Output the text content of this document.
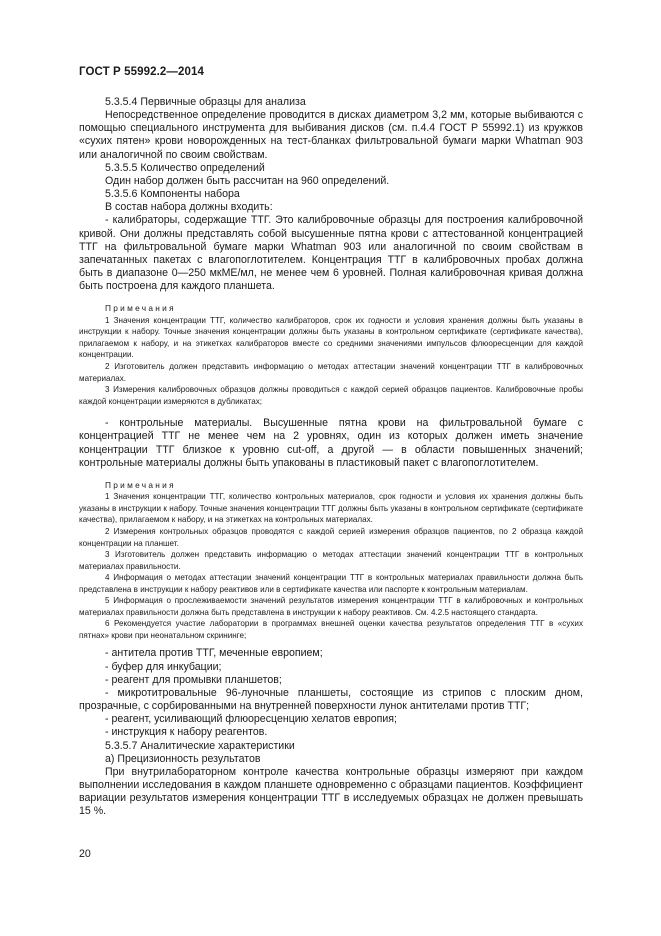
ГОСТ Р 55992.2—2014

5.3.5.4 Первичные образцы для анализа

Непосредственное определение проводится в дисках диаметром 3,2 мм, которые выбиваются с помощью специального инструмента для выбивания дисков (см. п.4.4 ГОСТ Р 55992.1) из кружков «сухих пятен» крови новорожденных на тест-бланках фильтровальной бумаги марки Whatman 903 или аналогичной по своим свойствам.

5.3.5.5 Количество определений

Один набор должен быть рассчитан на 960 определений.

5.3.5.6 Компоненты набора

В состав набора должны входить:

- калибраторы, содержащие ТТГ. Это калибровочные образцы для построения калибровочной кривой. Они должны представлять собой высушенные пятна крови с аттестованной концентрацией ТТГ на фильтровальной бумаге марки Whatman 903 или аналогичной по своим свойствам в запечатанных пакетах с влагопоглотителем. Концентрация ТТГ в калибровочных пробах должна быть в диапазоне 0—250 мкМЕ/мл, не менее чем 6 уровней. Полная калибровочная кривая должна быть построена для каждого планшета.

Примечания

1 Значения концентрации ТТГ, количество калибраторов, срок их годности и условия хранения должны быть указаны в инструкции к набору. Точные значения концентрации должны быть указаны в контрольном сертификате (сертификате качества), прилагаемом к набору, и на этикетках калибраторов вместе со средними значениями импульсов флюоресценции для каждой концентрации.

2 Изготовитель должен представить информацию о методах аттестации значений концентрации ТТГ в калибровочных материалах.

3 Измерения калибровочных образцов должны проводиться с каждой серией образцов пациентов. Калибровочные пробы каждой концентрации измеряются в дубликатах;

- контрольные материалы. Высушенные пятна крови на фильтровальной бумаге с концентрацией ТТГ не менее чем на 2 уровнях, один из которых должен иметь значение концентрации ТТГ близкое к уровню cut-off, а другой — в области повышенных значений; контрольные материалы должны быть упакованы в пластиковый пакет с влагопоглотителем.

Примечания

1 Значения концентрации ТТГ, количество контрольных материалов, срок годности и условия их хранения должны быть указаны в инструкции к набору. Точные значения концентрации ТТГ должны быть указаны в контрольном сертификате (сертификате качества), прилагаемом к набору, и на этикетках на контрольных материалах.

2 Измерения контрольных образцов проводятся с каждой серией измерения образцов пациентов, по 2 образца каждой концентрации на планшет.

3 Изготовитель должен представить информацию о методах аттестации значений концентрации ТТГ в контрольных материалах правильности.

4 Информация о методах аттестации значений концентрации ТТГ в контрольных материалах правильности должна быть представлена в инструкции к набору реактивов или в сертификате качества или паспорте к контрольным материалам.

5 Информация о прослеживаемости значений результатов измерения концентрации ТТГ в калибровочных и контрольных материалах правильности должна быть представлена в инструкции к набору реактивов. См. 4.2.5 настоящего стандарта.

6 Рекомендуется участие лаборатории в программах внешней оценки качества результатов определения ТТГ в «сухих пятнах» крови при неонатальном скрининге;

- антитела против ТТГ, меченные европием;

- буфер для инкубации;

- реагент для промывки планшетов;

- микротитровальные 96-луночные планшеты, состоящие из стрипов с плоским дном, прозрачные, с сорбированными на внутренней поверхности лунок антителами против ТТГ;

- реагент, усиливающий флюоресценцию хелатов европия;

- инструкция к набору реагентов.

5.3.5.7 Аналитические характеристики

а) Прецизионность результатов

При внутрилабораторном контроле качества контрольные образцы измеряют при каждом выполнении исследования в каждом планшете одновременно с образцами пациентов. Коэффициент вариации результатов измерения концентрации ТТГ в исследуемых образцах не должен превышать 15 %.

20
